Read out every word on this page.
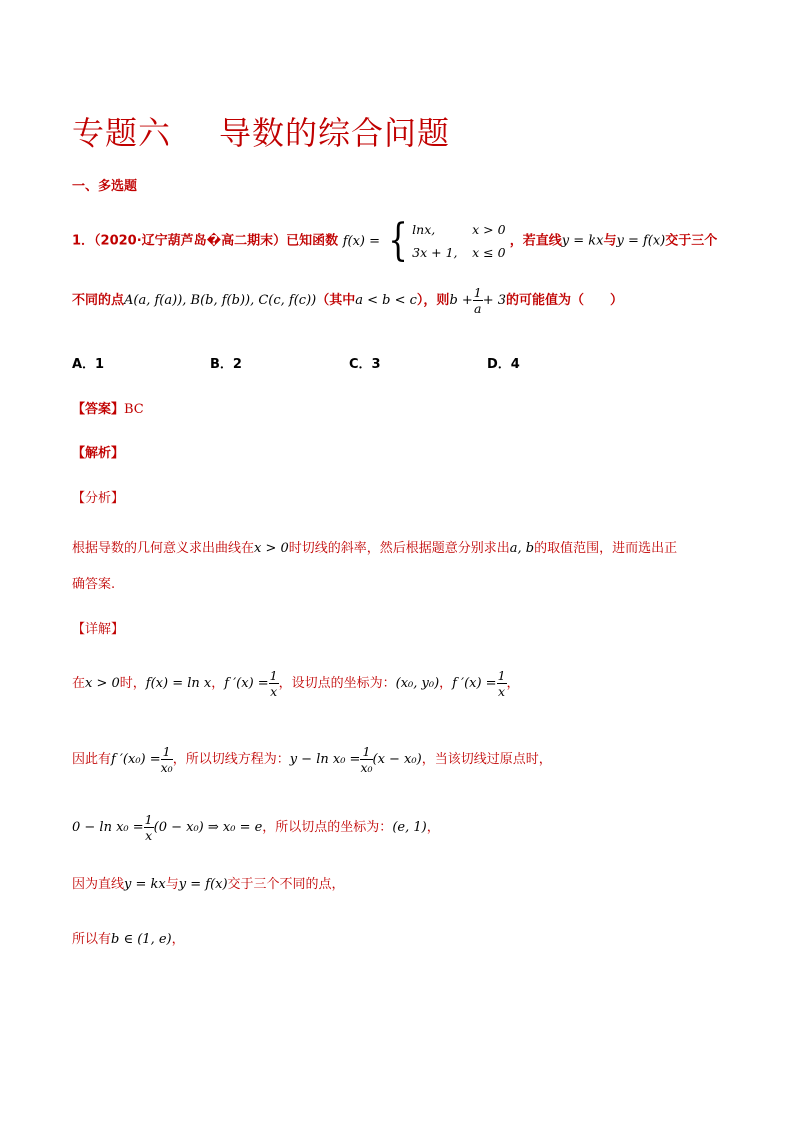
专题六 导数的综合问题
一、多选题
1．（2020·辽宁葫芦岛�高二期末）已知函数 f(x) = { lnx,	x > 0
3x + 1, x ≤ 0
，若直线y = kx与y = f(x)交于三个
不同的点A(a, f(a)), B(b, f(b)), C(c, f(c))（其中a < b < c），则$b + \frac{1}{a} + 3$的可能值为（　　）
A．1	B．2	C．3	D．4
【答案】BC
【解析】
【分析】
根据导数的几何意义求出曲线在x > 0时切线的斜率，然后根据题意分别求出a, b的取值范围，进而选出正
确答案.
【详解】
在x > 0时，f(x) = ln x，f $'(x) = \frac{1}{x}$ ，设切点的坐标为：(x₀, y₀)，f $'(x) = \frac{1}{x}$ ，
因此有f $'(x_0) = \frac{1}{\text{x₀}}$ ，所以切线方程为：$y - \ln x_0 = \frac{1}{\text{x₀}} (x - x_0)$，当该切线过原点时，
$0 - \ln x_0 = \frac{1}{x} (0 - x_0)$ ⇒ x₀ = e，所以切点的坐标为：(e, 1)，
因为直线y = kx与y = f(x)交于三个不同的点，
所以有b ∈ (1, e)，
